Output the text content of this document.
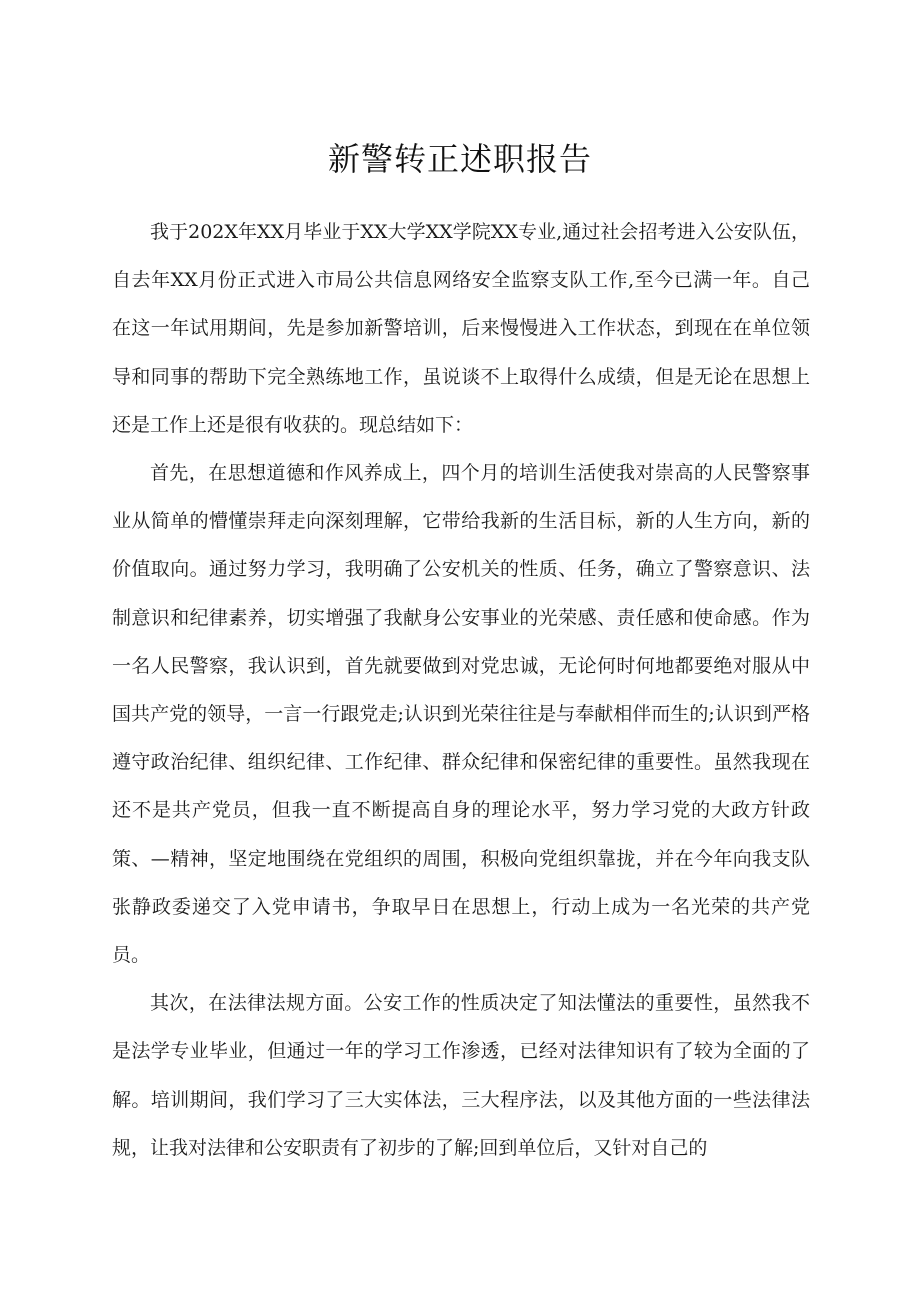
新警转正述职报告

我于202X年XX月毕业于XX大学XX学院XX专业,通过社会招考进入公安队伍，自去年XX月份正式进入市局公共信息网络安全监察支队工作,至今已满一年。自己在这一年试用期间，先是参加新警培训，后来慢慢进入工作状态，到现在在单位领导和同事的帮助下完全熟练地工作，虽说谈不上取得什么成绩，但是无论在思想上还是工作上还是很有收获的。现总结如下：

首先，在思想道德和作风养成上，四个月的培训生活使我对崇高的人民警察事业从简单的懵懂崇拜走向深刻理解，它带给我新的生活目标，新的人生方向，新的价值取向。通过努力学习，我明确了公安机关的性质、任务，确立了警察意识、法制意识和纪律素养，切实增强了我献身公安事业的光荣感、责任感和使命感。作为一名人民警察，我认识到，首先就要做到对党忠诚，无论何时何地都要绝对服从中国共产党的领导，一言一行跟党走;认识到光荣往往是与奉献相伴而生的;认识到严格遵守政治纪律、组织纪律、工作纪律、群众纪律和保密纪律的重要性。虽然我现在还不是共产党员，但我一直不断提高自身的理论水平，努力学习党的大政方针政策、—精神，坚定地围绕在党组织的周围，积极向党组织靠拢，并在今年向我支队张静政委递交了入党申请书，争取早日在思想上，行动上成为一名光荣的共产党员。

其次，在法律法规方面。公安工作的性质决定了知法懂法的重要性，虽然我不是法学专业毕业，但通过一年的学习工作渗透，已经对法律知识有了较为全面的了解。培训期间，我们学习了三大实体法，三大程序法，以及其他方面的一些法律法规，让我对法律和公安职责有了初步的了解;回到单位后，又针对自己的
